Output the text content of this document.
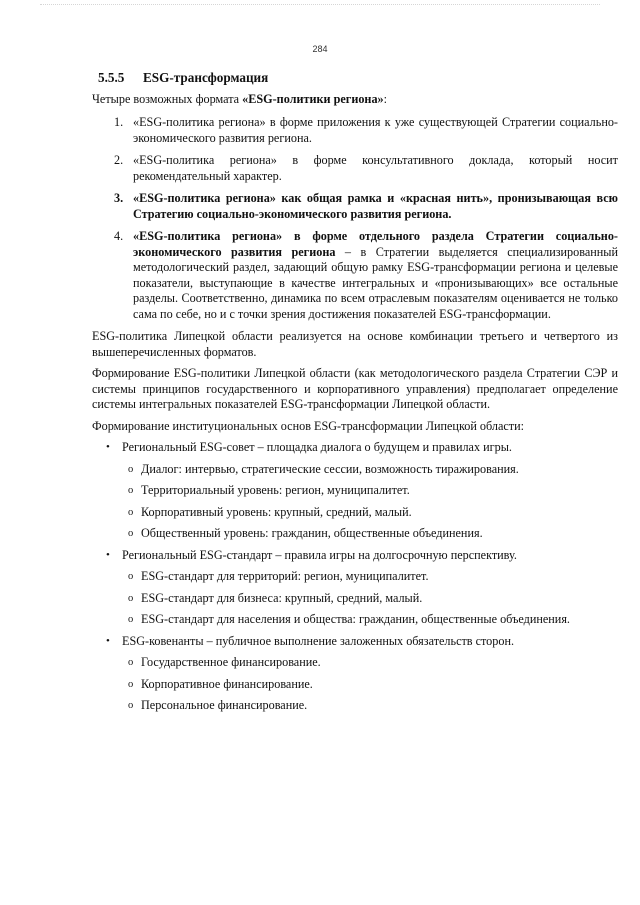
284
5.5.5 ESG-трансформация

Четыре возможных формата «ESG-политики региона»:

1. «ESG-политика региона» в форме приложения к уже существующей Стратегии социально-экономического развития региона.
2. «ESG-политика региона» в форме консультативного доклада, который носит рекомендательный характер.
3. «ESG-политика региона» как общая рамка и «красная нить», пронизывающая всю Стратегию социально-экономического развития региона.
4. «ESG-политика региона» в форме отдельного раздела Стратегии социально-экономического развития региона – в Стратегии выделяется специализированный методологический раздел, задающий общую рамку ESG-трансформации региона и целевые показатели, выступающие в качестве интегральных и «пронизывающих» все остальные разделы. Соответственно, динамика по всем отраслевым показателям оценивается не только сама по себе, но и с точки зрения достижения показателей ESG-трансформации.

ESG-политика Липецкой области реализуется на основе комбинации третьего и четвертого из вышеперечисленных форматов.

Формирование ESG-политики Липецкой области (как методологического раздела Стратегии СЭР и системы принципов государственного и корпоративного управления) предполагает определение системы интегральных показателей ESG-трансформации Липецкой области.

Формирование институциональных основ ESG-трансформации Липецкой области:

• Региональный ESG-совет – площадка диалога о будущем и правилах игры.
o Диалог: интервью, стратегические сессии, возможность тиражирования.
o Территориальный уровень: регион, муниципалитет.
o Корпоративный уровень: крупный, средний, малый.
o Общественный уровень: гражданин, общественные объединения.
• Региональный ESG-стандарт – правила игры на долгосрочную перспективу.
o ESG-стандарт для территорий: регион, муниципалитет.
o ESG-стандарт для бизнеса: крупный, средний, малый.
o ESG-стандарт для населения и общества: гражданин, общественные объединения.
• ESG-ковенанты – публичное выполнение заложенных обязательств сторон.
o Государственное финансирование.
o Корпоративное финансирование.
o Персональное финансирование.
